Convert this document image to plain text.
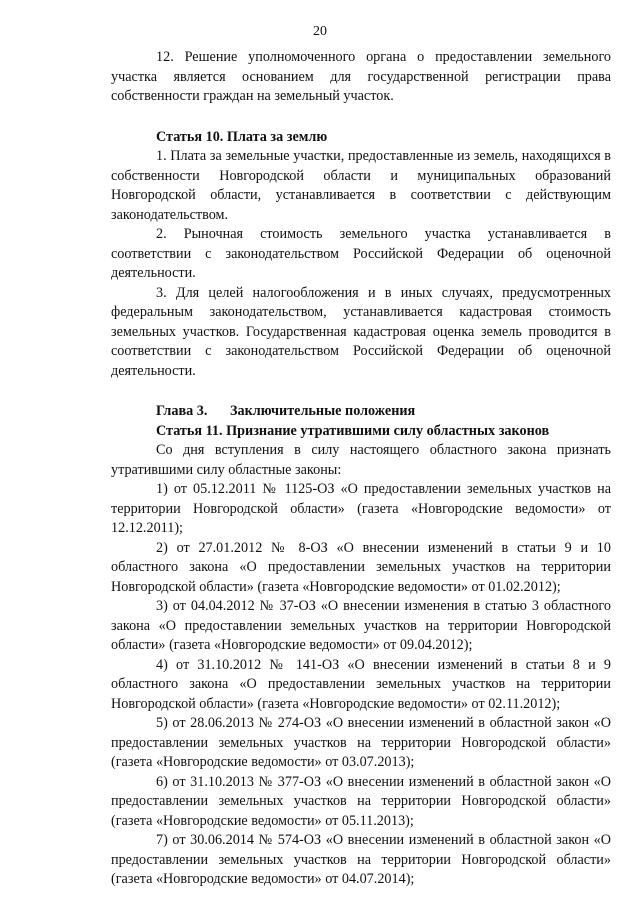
20

12. Решение уполномоченного органа о предоставлении земельного участка является основанием для государственной регистрации права собственности граждан на земельный участок.

Статья 10. Плата за землю

1. Плата за земельные участки, предоставленные из земель, находящихся в собственности Новгородской области и муниципальных образований Новгородской области, устанавливается в соответствии с действующим законодательством.

2. Рыночная стоимость земельного участка устанавливается в соответствии с законодательством Российской Федерации об оценочной деятельности.

3. Для целей налогообложения и в иных случаях, предусмотренных федеральным законодательством, устанавливается кадастровая стоимость земельных участков. Государственная кадастровая оценка земель проводится в соответствии с законодательством Российской Федерации об оценочной деятельности.

Глава 3. Заключительные положения
Статья 11. Признание утратившими силу областных законов

Со дня вступления в силу настоящего областного закона признать утратившими силу областные законы:

1) от 05.12.2011 № 1125-ОЗ «О предоставлении земельных участков на территории Новгородской области» (газета «Новгородские ведомости» от 12.12.2011);

2) от 27.01.2012 № 8-ОЗ «О внесении изменений в статьи 9 и 10 областного закона «О предоставлении земельных участков на территории Новгородской области» (газета «Новгородские ведомости» от 01.02.2012);

3) от 04.04.2012 № 37-ОЗ «О внесении изменения в статью 3 областного закона «О предоставлении земельных участков на территории Новгородской области» (газета «Новгородские ведомости» от 09.04.2012);

4) от 31.10.2012 № 141-ОЗ «О внесении изменений в статьи 8 и 9 областного закона «О предоставлении земельных участков на территории Новгородской области» (газета «Новгородские ведомости» от 02.11.2012);

5) от 28.06.2013 № 274-ОЗ «О внесении изменений в областной закон «О предоставлении земельных участков на территории Новгородской области» (газета «Новгородские ведомости» от 03.07.2013);

6) от 31.10.2013 № 377-ОЗ «О внесении изменений в областной закон «О предоставлении земельных участков на территории Новгородской области» (газета «Новгородские ведомости» от 05.11.2013);

7) от 30.06.2014 № 574-ОЗ «О внесении изменений в областной закон «О предоставлении земельных участков на территории Новгородской области» (газета «Новгородские ведомости» от 04.07.2014);
